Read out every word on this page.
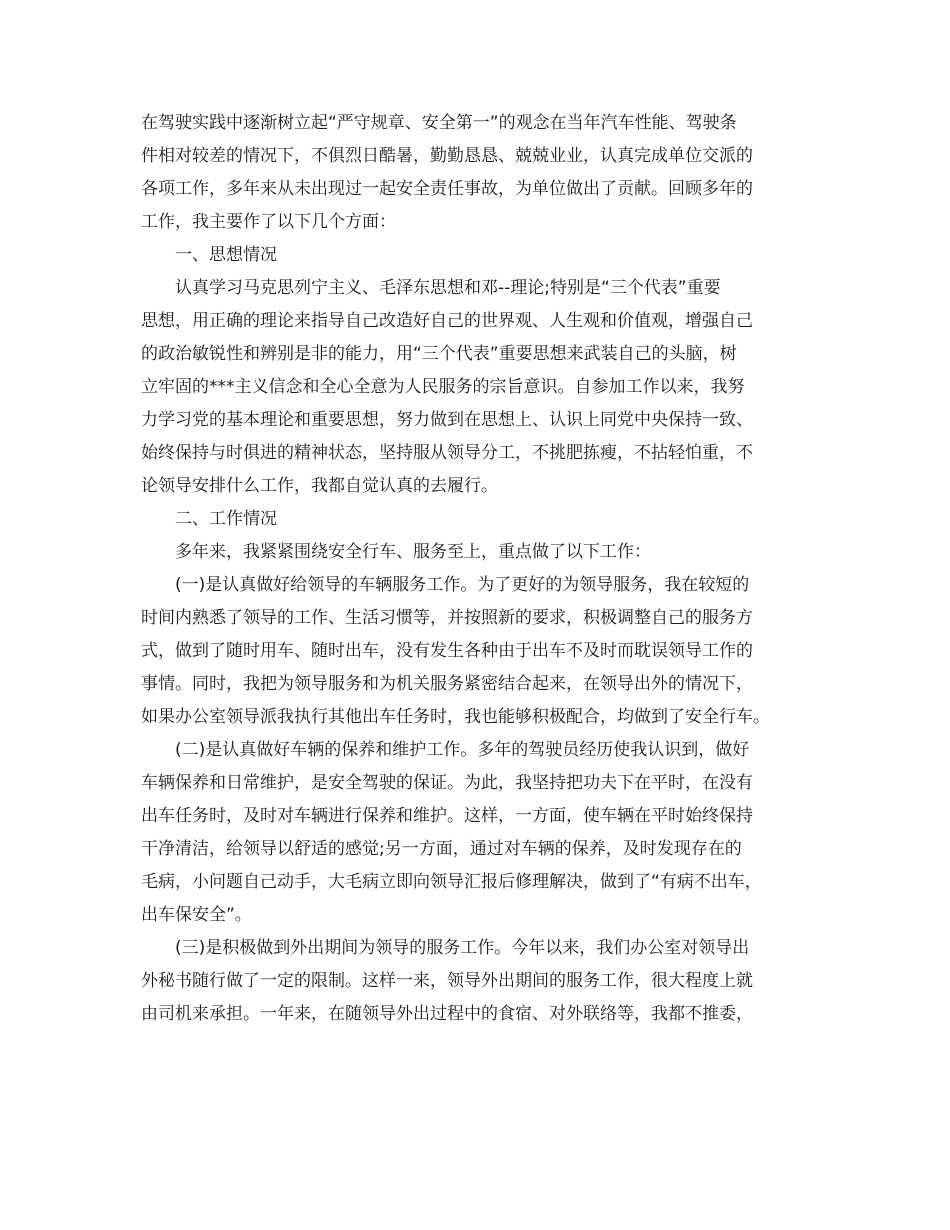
在驾驶实践中逐渐树立起“严守规章、安全第一”的观念在当年汽车性能、驾驶条
件相对较差的情况下，不俱烈日酷暑，勤勤恳恳、兢兢业业，认真完成单位交派的
各项工作，多年来从未出现过一起安全责任事故，为单位做出了贡献。回顾多年的
工作，我主要作了以下几个方面：
一、思想情况
认真学习马克思列宁主义、毛泽东思想和邓--理论;特别是“三个代表”重要
思想，用正确的理论来指导自己改造好自己的世界观、人生观和价值观，增强自己
的政治敏锐性和辨别是非的能力，用“三个代表”重要思想来武装自己的头脑，树
立牢固的***主义信念和全心全意为人民服务的宗旨意识。自参加工作以来，我努
力学习党的基本理论和重要思想，努力做到在思想上、认识上同党中央保持一致、
始终保持与时俱进的精神状态，坚持服从领导分工，不挑肥拣瘦，不拈轻怕重，不
论领导安排什么工作，我都自觉认真的去履行。
二、工作情况
多年来，我紧紧围绕安全行车、服务至上，重点做了以下工作：
(一)是认真做好给领导的车辆服务工作。为了更好的为领导服务，我在较短的
时间内熟悉了领导的工作、生活习惯等，并按照新的要求，积极调整自己的服务方
式，做到了随时用车、随时出车，没有发生各种由于出车不及时而耽误领导工作的
事情。同时，我把为领导服务和为机关服务紧密结合起来，在领导出外的情况下，
如果办公室领导派我执行其他出车任务时，我也能够积极配合，均做到了安全行车。
(二)是认真做好车辆的保养和维护工作。多年的驾驶员经历使我认识到，做好
车辆保养和日常维护，是安全驾驶的保证。为此，我坚持把功夫下在平时，在没有
出车任务时，及时对车辆进行保养和维护。这样，一方面，使车辆在平时始终保持
干净清洁，给领导以舒适的感觉;另一方面，通过对车辆的保养，及时发现存在的
毛病，小问题自己动手，大毛病立即向领导汇报后修理解决，做到了“有病不出车，
出车保安全”。
(三)是积极做到外出期间为领导的服务工作。今年以来，我们办公室对领导出
外秘书随行做了一定的限制。这样一来，领导外出期间的服务工作，很大程度上就
由司机来承担。一年来，在随领导外出过程中的食宿、对外联络等，我都不推委，
